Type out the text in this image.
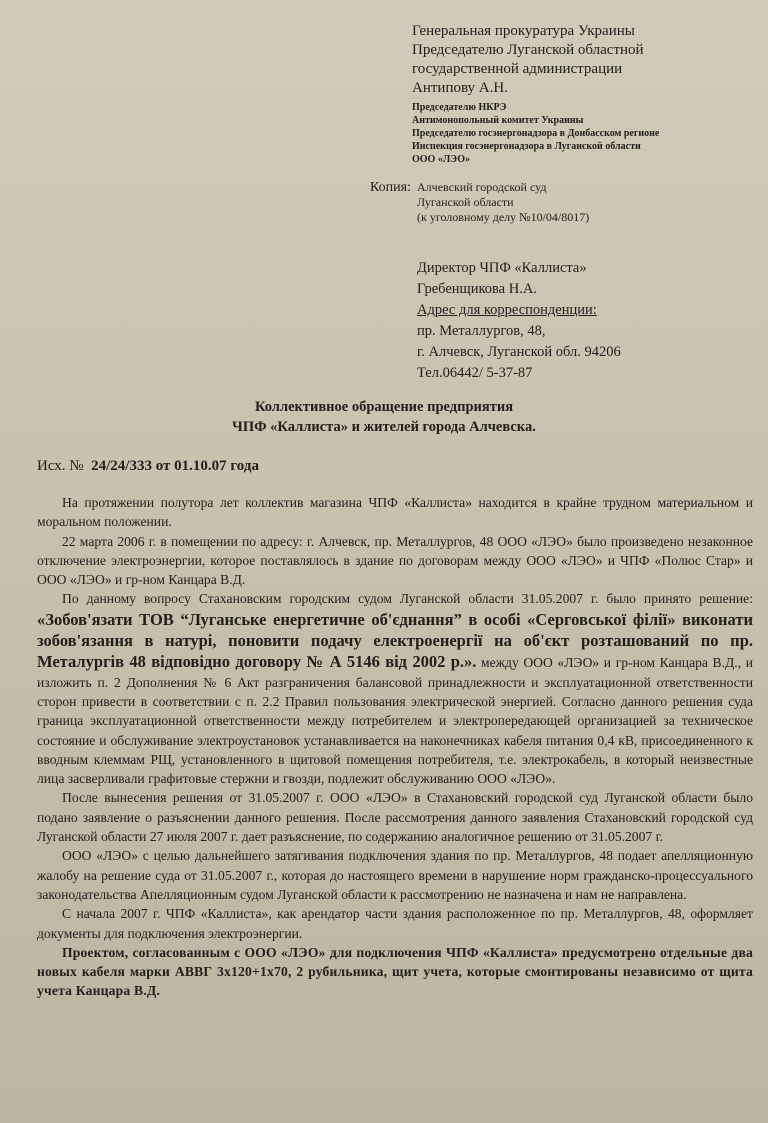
Генеральная прокуратура Украины
Председателю Луганской областной
государственной администрации
Антипову А.Н.
Председателю НКРЭ
Антимонопольный комитет Украины
Председателю госэнергонадзора в Донбасском регионе
Инспекция госэнергонадзора в Луганской области
ООО «ЛЭО»
Копия: Алчевский городской суд
Луганской области
(к уголовному делу №10/04/8017)
Директор ЧПФ «Каллиста»
Гребенщикова Н.А.
Адрес для корреспонденции:
пр. Металлургов, 48,
г. Алчевск, Луганской обл. 94206
Тел.06442/ 5-37-87
Коллективное обращение предприятия
ЧПФ «Каллиста» и жителей города Алчевска.
Исх. № 24/24/333 от 01.10.07 года

На протяжении полутора лет коллектив магазина ЧПФ «Каллиста» находится в крайне трудном материальном и моральном положении.

22 марта 2006 г. в помещении по адресу: г. Алчевск, пр. Металлургов, 48 ООО «ЛЭО» было произведено незаконное отключение электроэнергии, которое поставлялось в здание по договорам между ООО «ЛЭО» и ЧПФ «Полюс Стар» и ООО «ЛЭО» и гр-ном Канцара В.Д.

По данному вопросу Стахановским городским судом Луганской области 31.05.2007 г. было принято решение: «Зобов'язати ТОВ “Луганське енергетичне об'єднання” в особі «Серговської філії» виконати зобов'язання в натурі, поновити подачу електроенергії на об'єкт розташований по пр. Металургів 48 відповідно договору № А 5146 від 2002 р.». между ООО «ЛЭО» и гр-ном Канцара В.Д., и изложить п. 2 Дополнения № 6 Акт разграничения балансовой принадлежности и эксплуатационной ответственности сторон привести в соответствии с п. 2.2 Правил пользования электрической энергией. Согласно данного решения суда граница эксплуатационной ответственности между потребителем и электропередающей организацией за техническое состояние и обслуживание электроустановок устанавливается на наконечниках кабеля питания 0,4 кВ, присоединенного к вводным клеммам РЩ, установленного в щитовой помещения потребителя, т.е. электрокабель, в который неизвестные лица засверливали графитовые стержни и гвозди, подлежит обслуживанию ООО «ЛЭО».

После вынесения решения от 31.05.2007 г. ООО «ЛЭО» в Стахановский городской суд Луганской области было подано заявление о разъяснении данного решения. После рассмотрения данного заявления Стахановский городской суд Луганской области 27 июля 2007 г. дает разъяснение, по содержанию аналогичное решению от 31.05.2007 г.

ООО «ЛЭО» с целью дальнейшего затягивания подключения здания по пр. Металлургов, 48 подает апелляционную жалобу на решение суда от 31.05.2007 г., которая до настоящего времени в нарушение норм гражданско-процессуального законодательства Апелляционным судом Луганской области к рассмотрению не назначена и нам не направлена.

С начала 2007 г. ЧПФ «Каллиста», как арендатор части здания расположенное по пр. Металлургов, 48, оформляет документы для подключения электроэнергии.

Проектом, согласованным с ООО «ЛЭО» для подключения ЧПФ «Каллиста» предусмотрено отдельные два новых кабеля марки АВВГ 3х120+1х70, 2 рубильника, щит учета, которые смонтированы независимо от щита учета Канцара В.Д.
